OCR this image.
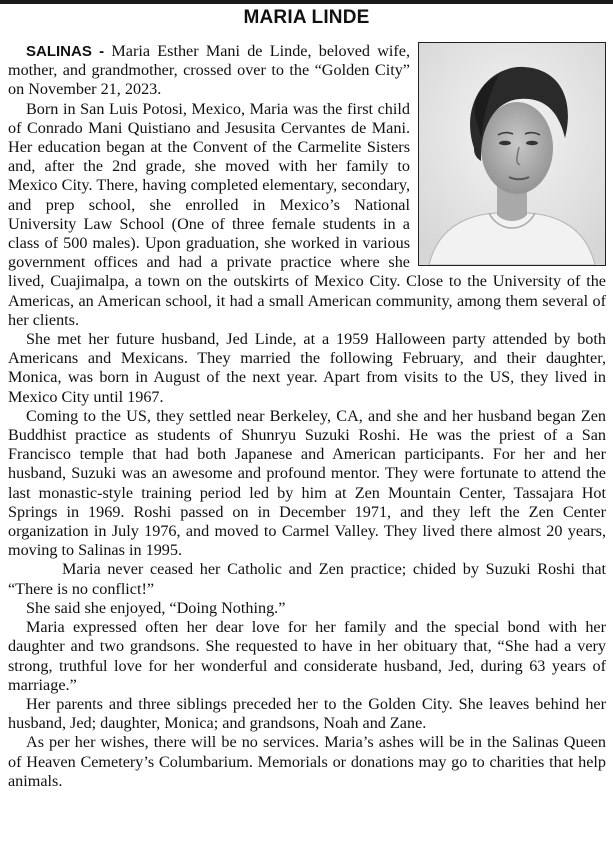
MARIA LINDE

SALINAS - Maria Esther Mani de Linde, beloved wife, mother, and grandmother, crossed over to the “Golden City” on November 21, 2023.

Born in San Luis Potosi, Mexico, Maria was the first child of Conrado Mani Quistiano and Jesusita Cervantes de Mani. Her education began at the Convent of the Carmelite Sisters and, after the 2nd grade, she moved with her family to Mexico City. There, having completed elementary, secondary, and prep school, she enrolled in Mexico’s National University Law School (One of three female students in a class of 500 males). Upon graduation, she worked in various government offices and had a private practice where she lived, Cuajimalpa, a town on the outskirts of Mexico City. Close to the University of the Americas, an American school, it had a small American community, among them several of her clients.

She met her future husband, Jed Linde, at a 1959 Halloween party attended by both Americans and Mexicans. They married the following February, and their daughter, Monica, was born in August of the next year. Apart from visits to the US, they lived in Mexico City until 1967.

Coming to the US, they settled near Berkeley, CA, and she and her husband began Zen Buddhist practice as students of Shunryu Suzuki Roshi. He was the priest of a San Francisco temple that had both Japanese and American participants. For her and her husband, Suzuki was an awesome and profound mentor. They were fortunate to attend the last monastic-style training period led by him at Zen Mountain Center, Tassajara Hot Springs in 1969. Roshi passed on in December 1971, and they left the Zen Center organization in July 1976, and moved to Carmel Valley. They lived there almost 20 years, moving to Salinas in 1995.

Maria never ceased her Catholic and Zen practice; chided by Suzuki Roshi that “There is no conflict!”

She said she enjoyed, “Doing Nothing.”

Maria expressed often her dear love for her family and the special bond with her daughter and two grandsons. She requested to have in her obituary that, “She had a very strong, truthful love for her wonderful and considerate husband, Jed, during 63 years of marriage.”

Her parents and three siblings preceded her to the Golden City. She leaves behind her husband, Jed; daughter, Monica; and grandsons, Noah and Zane.

As per her wishes, there will be no services. Maria’s ashes will be in the Salinas Queen of Heaven Cemetery’s Columbarium. Memorials or donations may go to charities that help animals.
